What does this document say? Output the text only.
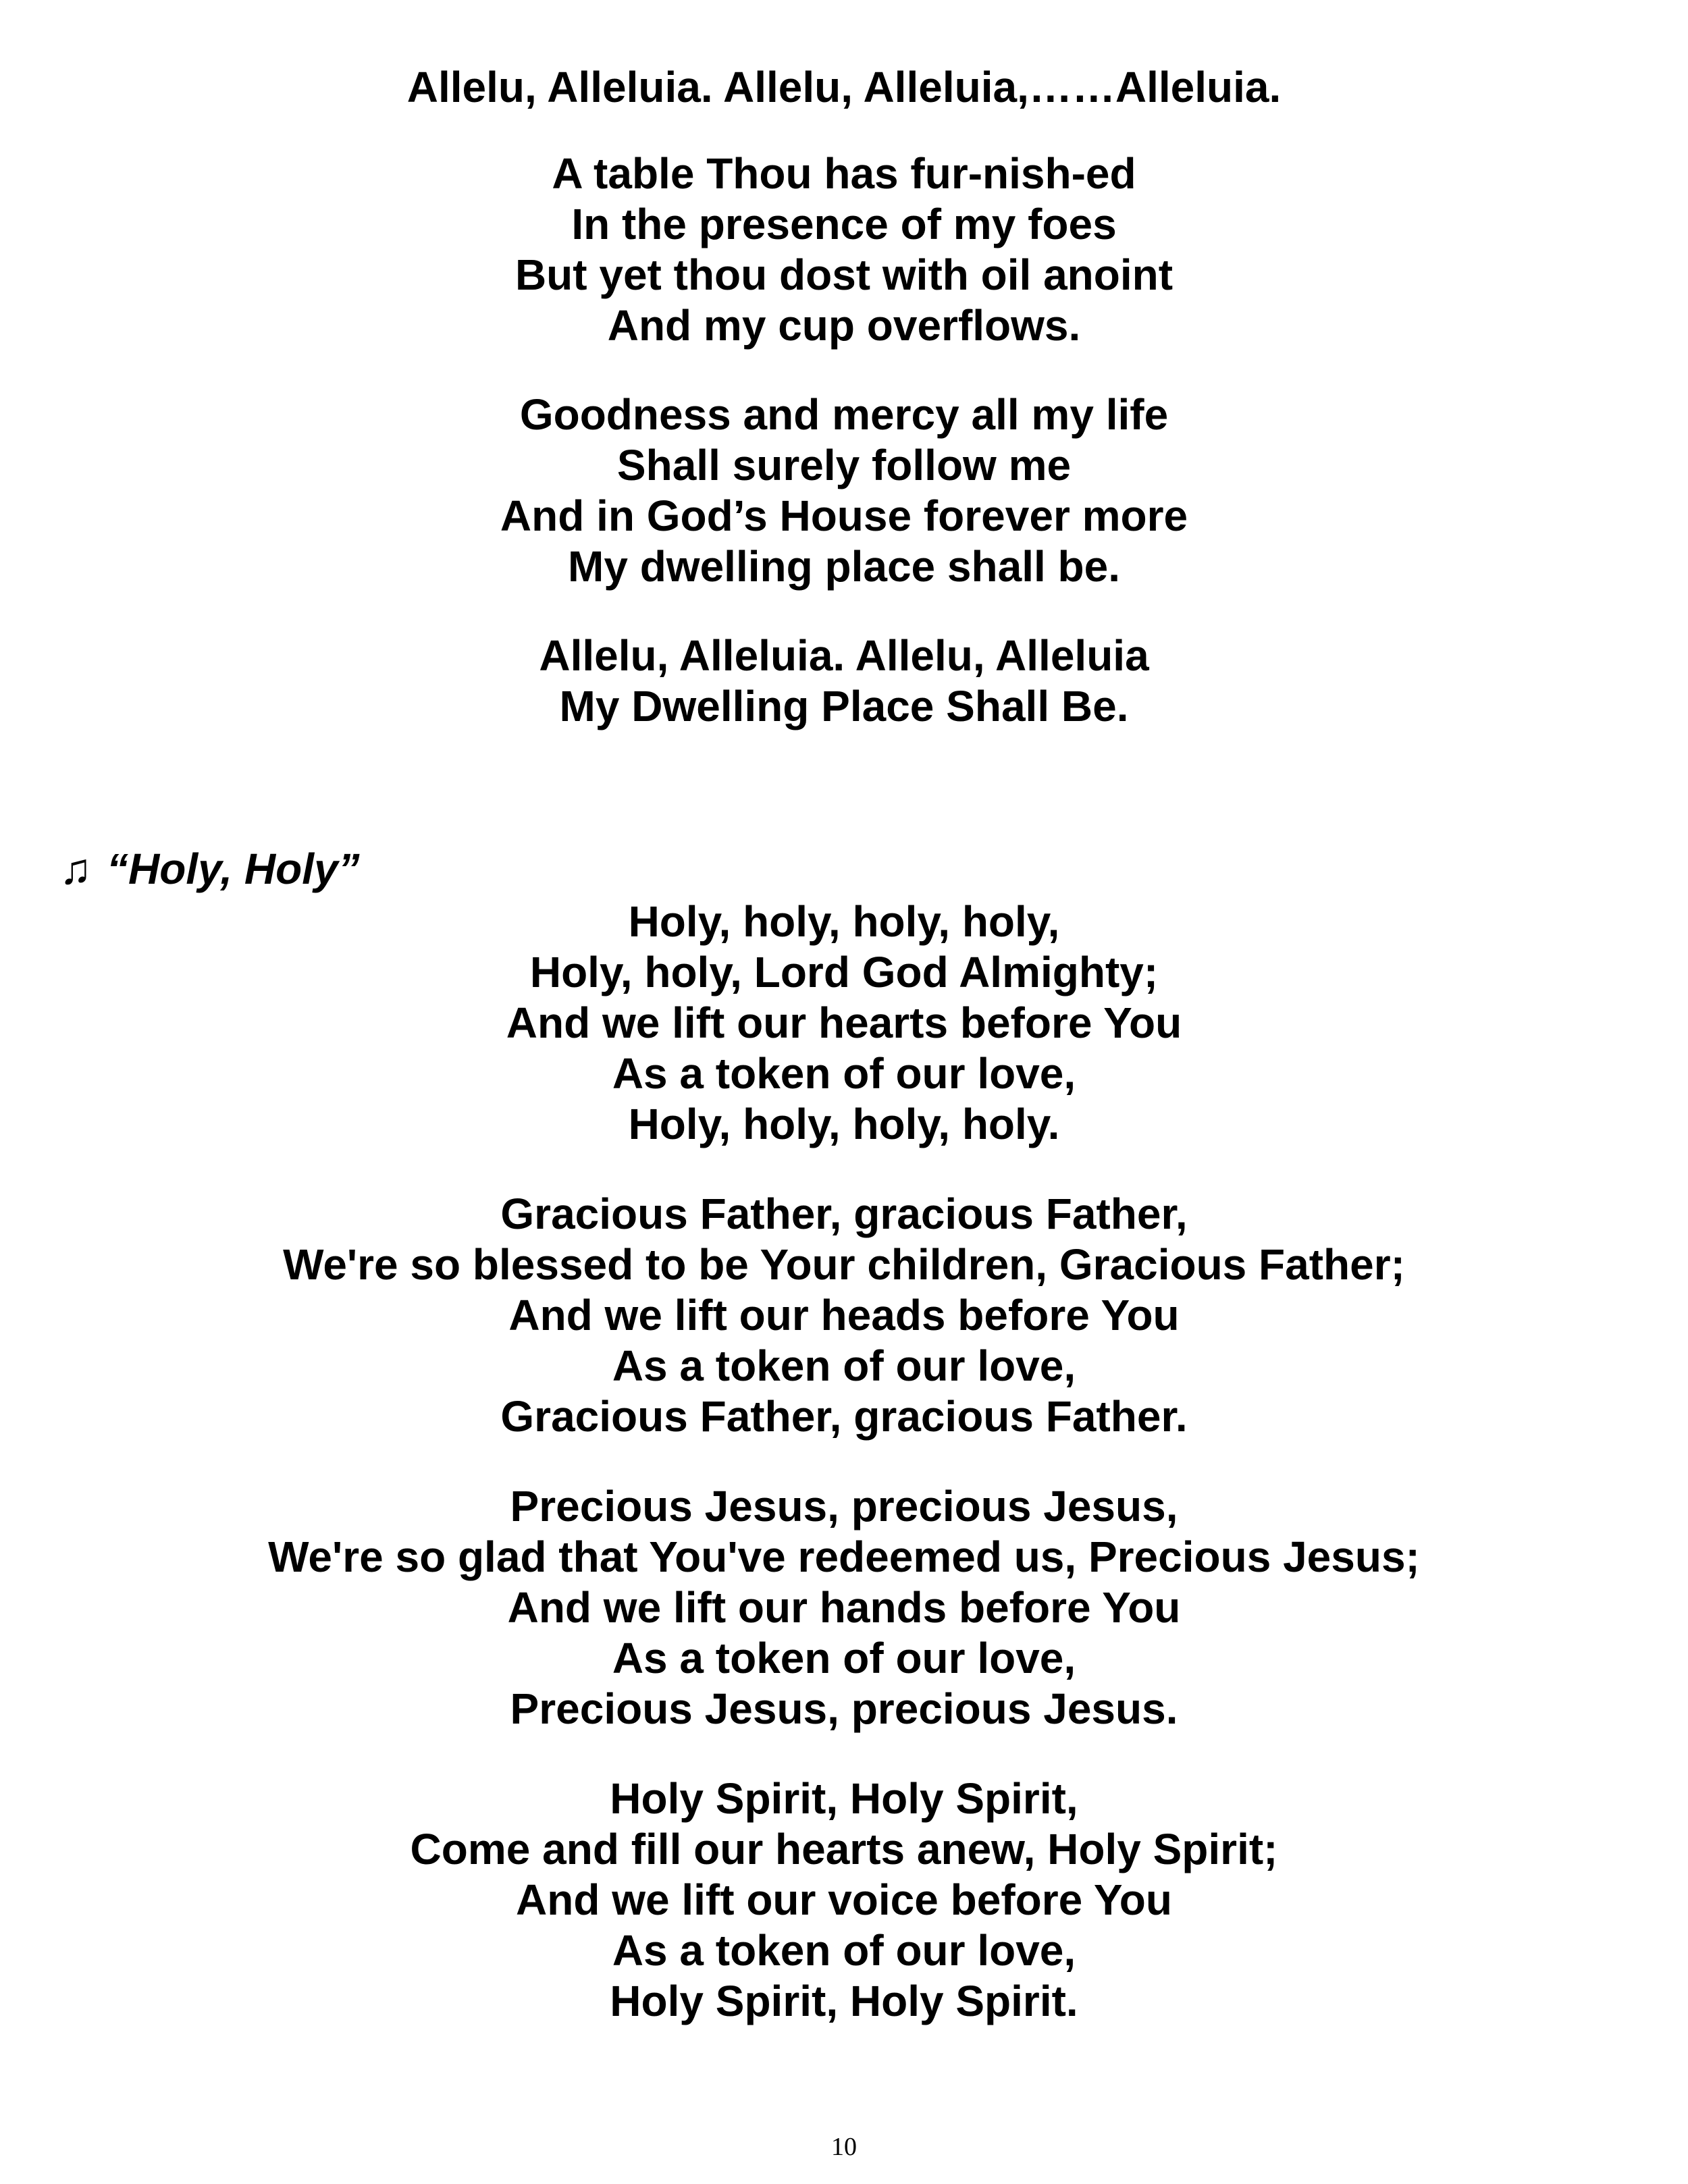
Allelu, Alleluia. Allelu, Alleluia,……Alleluia.
A table Thou has fur-nish-ed
In the presence of my foes
But yet thou dost with oil anoint
And my cup overflows.
Goodness and mercy all my life
Shall surely follow me
And in God’s House forever more
My dwelling place shall be.
Allelu, Alleluia. Allelu, Alleluia
My Dwelling Place Shall Be.
♫ “Holy, Holy”
Holy, holy, holy, holy,
Holy, holy, Lord God Almighty;
And we lift our hearts before You
As a token of our love,
Holy, holy, holy, holy.
Gracious Father, gracious Father,
We're so blessed to be Your children, Gracious Father;
And we lift our heads before You
As a token of our love,
Gracious Father, gracious Father.
Precious Jesus, precious Jesus,
We're so glad that You've redeemed us, Precious Jesus;
And we lift our hands before You
As a token of our love,
Precious Jesus, precious Jesus.
Holy Spirit, Holy Spirit,
Come and fill our hearts anew, Holy Spirit;
And we lift our voice before You
As a token of our love,
Holy Spirit, Holy Spirit.
10
